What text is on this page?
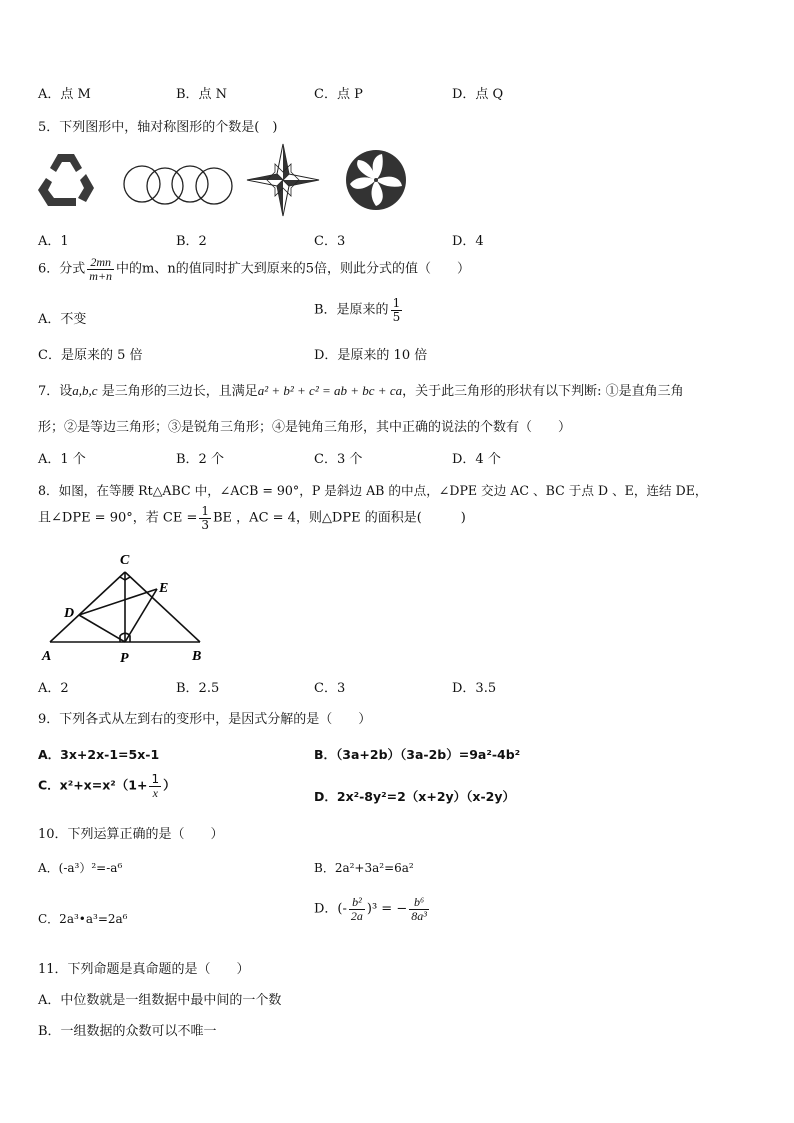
A．点 M	B．点 N	C．点 P	D．点 Q
5．下列图形中，轴对称图形的个数是(　)
A．1	B．2	C．3	D．4
6．分式 $\frac{2mn}{m+n}$ 中的m、n的值同时扩大到原来的5倍，则此分式的值（　　）
A．不变
B．是原来的 $\frac{1}{5}$
C．是原来的 5 倍	D．是原来的 10 倍
7．设a,b,c 是三角形的三边长，且满足a² + b² + c² = ab + bc + ca，关于此三角形的形状有以下判断: ①是直角三角
形；②是等边三角形；③是锐角三角形；④是钝角三角形，其中正确的说法的个数有（　　）
A．1 个	B．2 个	C．3 个	D．4 个
8．如图，在等腰 Rt△ABC 中，∠ACB = 90°，P 是斜边 AB 的中点，∠DPE 交边 AC 、BC 于点 D 、E，连结 DE，
且∠DPE = 90°，若 CE = $\frac{1}{3}$ BE ，AC = 4，则△DPE 的面积是(　　　)
C
E
D
A	P	B
A．2	B．2.5	C．3	D．3.5
9．下列各式从左到右的变形中，是因式分解的是（　　）
A．3x+2x-1=5x-1	B．（3a+2b）（3a-2b）=9a²-4b²
C．$x^2+x=x^2(1+ \frac{1}{x}$ ）
D．2x²-8y²=2（x+2y）（x-2y）
10．下列运算正确的是（　　）
A．(-a³）²=-a⁶	B．2a²+3a²=6a²
C．2a³•a³=2a⁶
D．(- $\frac{\text{b²}}{2a} )^3$ = − $\frac{\text{b⁶}}{\text{8a³}}$
11．下列命题是真命题的是（　　）
A．中位数就是一组数据中最中间的一个数
B．一组数据的众数可以不唯一
